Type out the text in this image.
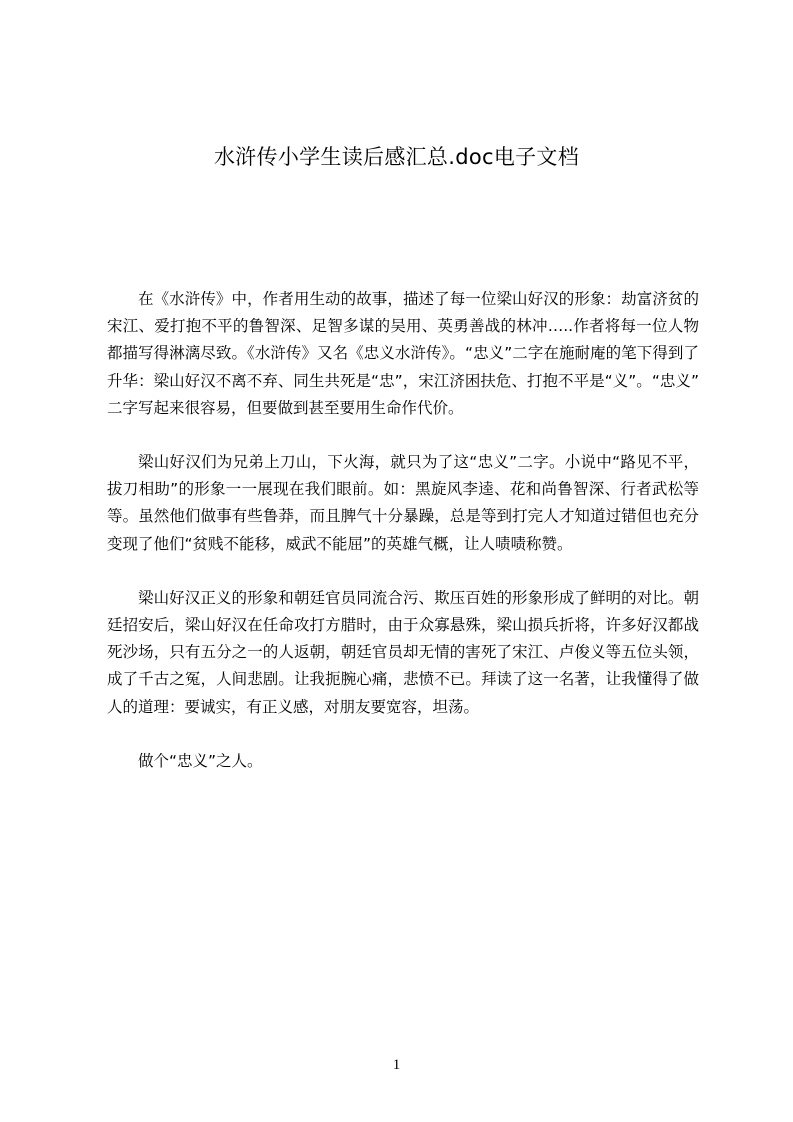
水浒传小学生读后感汇总.doc电子文档

在《水浒传》中，作者用生动的故事，描述了每一位梁山好汉的形象：劫富济贫的宋江、爱打抱不平的鲁智深、足智多谋的吴用、英勇善战的林冲…..作者将每一位人物都描写得淋漓尽致。《水浒传》又名《忠义水浒传》。“忠义”二字在施耐庵的笔下得到了升华：梁山好汉不离不弃、同生共死是“忠”，宋江济困扶危、打抱不平是“义”。“忠义”二字写起来很容易，但要做到甚至要用生命作代价。

梁山好汉们为兄弟上刀山，下火海，就只为了这“忠义”二字。小说中“路见不平，拔刀相助”的形象一一展现在我们眼前。如：黑旋风李逵、花和尚鲁智深、行者武松等等。虽然他们做事有些鲁莽，而且脾气十分暴躁，总是等到打完人才知道过错但也充分变现了他们“贫贱不能移，威武不能屈”的英雄气概，让人啧啧称赞。

梁山好汉正义的形象和朝廷官员同流合污、欺压百姓的形象形成了鲜明的对比。朝廷招安后，梁山好汉在任命攻打方腊时，由于众寡悬殊，梁山损兵折将，许多好汉都战死沙场，只有五分之一的人返朝，朝廷官员却无情的害死了宋江、卢俊义等五位头领，成了千古之冤，人间悲剧。让我扼腕心痛，悲愤不已。拜读了这一名著，让我懂得了做人的道理：要诚实，有正义感，对朋友要宽容，坦荡。

做个“忠义”之人。

1
